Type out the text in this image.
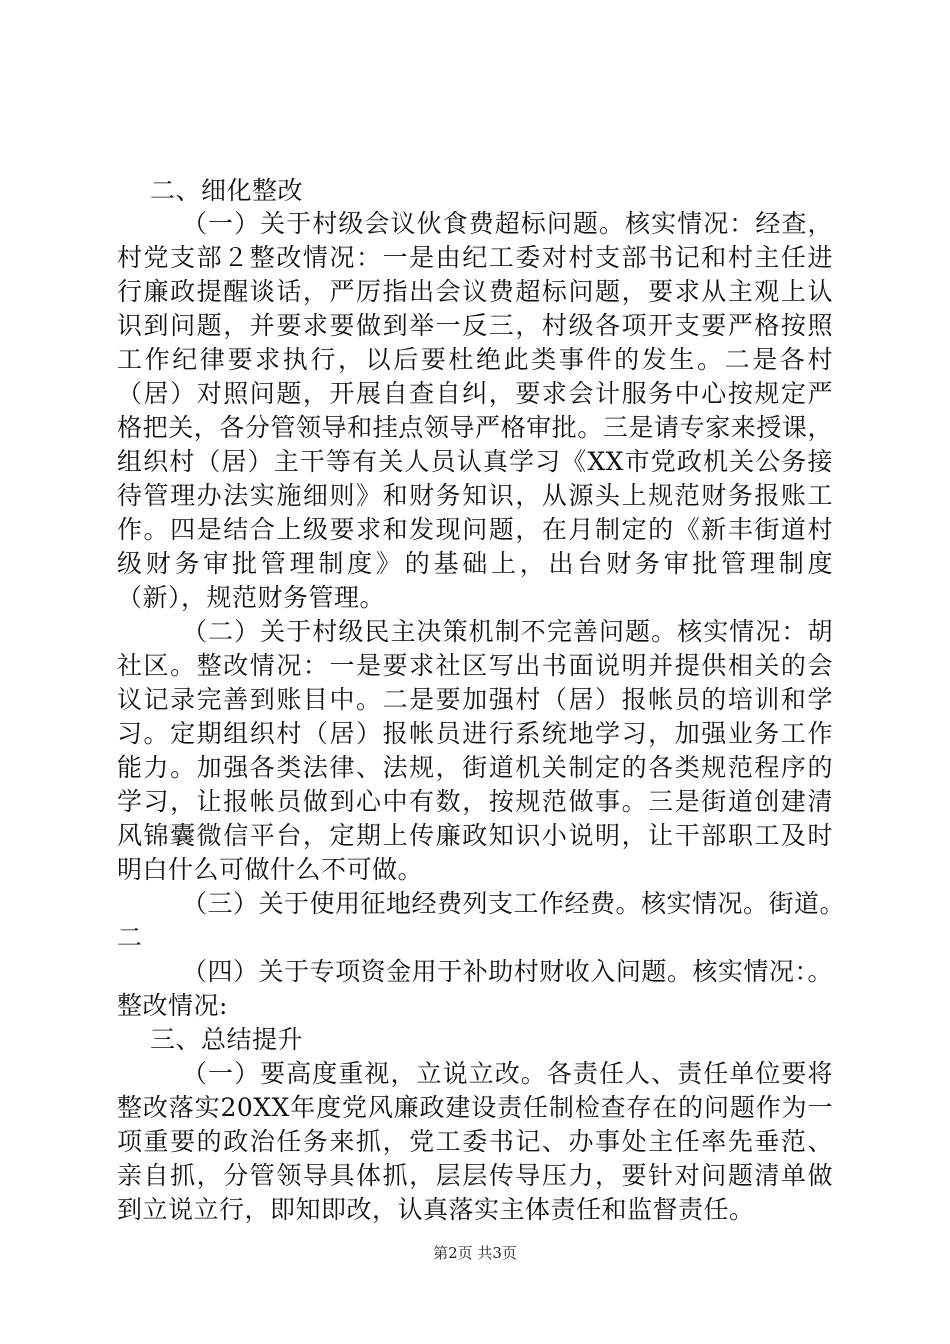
二、细化整改
（一）关于村级会议伙食费超标问题。核实情况：经查，
村党支部２整改情况：一是由纪工委对村支部书记和村主任进
行廉政提醒谈话，严厉指出会议费超标问题，要求从主观上认
识到问题，并要求要做到举一反三，村级各项开支要严格按照
工作纪律要求执行，以后要杜绝此类事件的发生。二是各村
（居）对照问题，开展自查自纠，要求会计服务中心按规定严
格把关，各分管领导和挂点领导严格审批。三是请专家来授课，
组织村（居）主干等有关人员认真学习《XX市党政机关公务接
待管理办法实施细则》和财务知识，从源头上规范财务报账工
作。四是结合上级要求和发现问题，在月制定的《新丰街道村
级财务审批管理制度》的基础上，出台财务审批管理制度
（新），规范财务管理。
（二）关于村级民主决策机制不完善问题。核实情况：胡
社区。整改情况：一是要求社区写出书面说明并提供相关的会
议记录完善到账目中。二是要加强村（居）报帐员的培训和学
习。定期组织村（居）报帐员进行系统地学习，加强业务工作
能力。加强各类法律、法规，街道机关制定的各类规范程序的
学习，让报帐员做到心中有数，按规范做事。三是街道创建清
风锦囊微信平台，定期上传廉政知识小说明，让干部职工及时
明白什么可做什么不可做。
（三）关于使用征地经费列支工作经费。核实情况。街道。
二
（四）关于专项资金用于补助村财收入问题。核实情况：。
整改情况:
三、总结提升
（一）要高度重视，立说立改。各责任人、责任单位要将
整改落实20XX年度党风廉政建设责任制检查存在的问题作为一
项重要的政治任务来抓，党工委书记、办事处主任率先垂范、
亲自抓，分管领导具体抓，层层传导压力，要针对问题清单做
到立说立行，即知即改，认真落实主体责任和监督责任。
第2页 共3页
